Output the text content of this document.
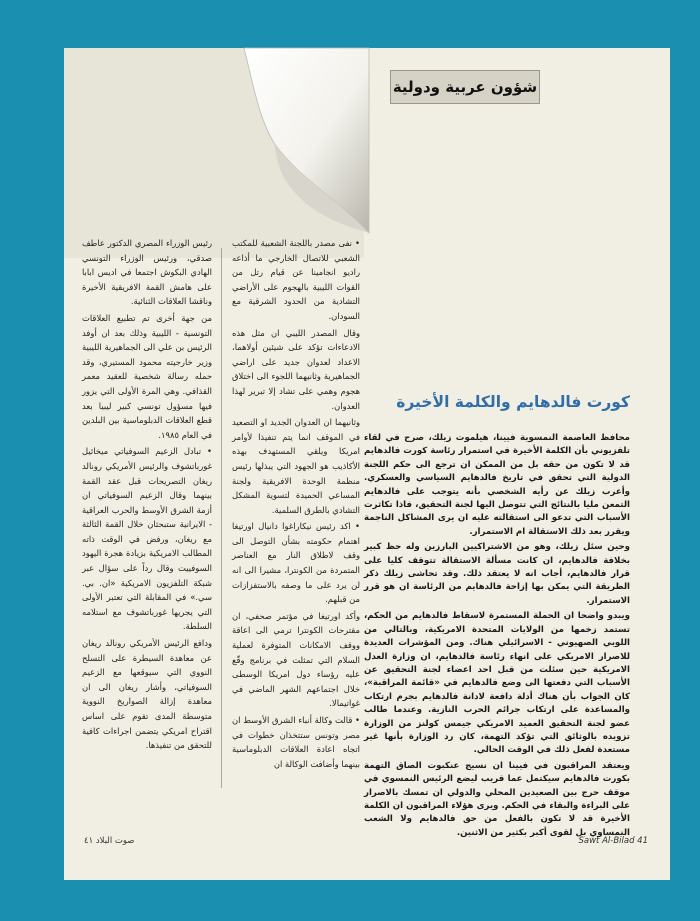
شؤون عربية ودولية

رئيس الوزراء المصري الدكتور عاطف صدقي، ورئيس الوزراء التونسي الهادي البكوش اجتمعا في اديس ابابا على هامش القمة الافريقية الأخيرة وناقشا العلاقات الثنائية.

من جهة أخرى تم تطبيع العلاقات التونسية - الليبية وذلك بعد ان أوفد الرئيس بن علي الى الجماهيرية الليبية وزير خارجيته محمود المستيري، وقد حمله رسالة شخصية للعقيد معمر القذافي. وهي المرة الأولى التي يزور فيها مسؤول تونسي كبير ليبيا بعد قطع العلاقات الدبلوماسية بين البلدين في العام ١٩٨٥.

• تبادل الزعيم السوفياتي ميخائيل غورباتشوف والرئيس الأمريكي رونالد ريغان التصريحات قبل عقد القمة بينهما وقال الزعيم السوفياتي ان أزمة الشرق الأوسط والحرب العراقية - الايرانية ستبحثان خلال القمة الثالثة مع ريغان، ورفض في الوقت ذاته المطالب الامريكية بزيادة هجرة اليهود السوفييت وقال رداً على سؤال عبر شبكة التلفزيون الامريكية «ان. بي. سي.» في المقابلة التي تعتبر الأولى التي يجريها غورباتشوف مع استلامه السلطة.

ودافع الرئيس الأمريكي رونالد ريغان عن معاهدة السيطرة على التسلح النووي التي سيوقعها مع الزعيم السوفياتي، وأشار ريغان الى ان معاهدة إزالة الصواريخ النووية متوسطة المدى تقوم على اساس اقتراح امريكي يتضمن اجراءات كافية للتحقق من تنفيذها.

• نفى مصدر باللجنة الشعبية للمكتب الشعبي للاتصال الخارجي ما أذاعه راديو انجامينا عن قيام رتل من القوات الليبية بالهجوم على الأراضي التشادية من الحدود الشرقية مع السودان.

وقال المصدر الليبي ان مثل هذه الادعاءات تؤكد على شيئين أولاهما، الاعداد لعدوان جديد على اراضي الجماهيرية وثانيهما اللجوء الى اختلاق هجوم وهمي على تشاد إلا تبرير لهذا العدوان.

وثانيهما ان العدوان الجديد او التصعيد في الموقف انما يتم تنفيذا لأوامر امريكا ويلقي المستهدف بهذه الأكاذيب هو الجهود التي يبذلها رئيس منظمة الوحدة الافريقية ولجنة المساعي الحميدة لتسوية المشكل التشادي بالطرق السلمية.

• اكد رئيس نيكاراغوا دانيال اورتيغا اهتمام حكومته بشأن التوصل الى وقف لاطلاق النار مع العناصر المتمردة من الكونترا، مشيرا الى انه لن يرد على ما وصفه بالاستفزازات من قبلهم.

وأكد اورتيغا في مؤتمر صحفي، ان مقترحات الكونترا ترمي الى اعاقة ووقف الامكانات المتوفرة لعملية السلام التي تمثلت في برنامج وقّع عليه رؤساء دول امريكا الوسطى خلال اجتماعهم الشهر الماضي في غواتيمالا.

• قالت وكالة أنباء الشرق الأوسط ان مصر وتونس ستتخذان خطوات في اتجاه اعادة العلاقات الدبلوماسية بينهما وأضافت الوكالة ان

كورت فالدهايم والكلمة الأخيرة

محافظ العاصمة النمسوية فيينا، هيلموت زيلك، صرح في لقاء تلفزيوني بأن الكلمة الأخيرة في استمرار رئاسة كورت فالدهايم قد لا تكون من حقه بل من الممكن ان ترجع الى حكم اللجنة الدولية التي تحقق في تاريخ فالدهايم السياسي والعسكري. وأعرب زيلك عن رأيه الشخصي بأنه يتوجب على فالدهايم التمعن مليا بالنتائج التي تتوصل اليها لجنة التحقيق، فاذا تكاثرت الأسباب التي تدعو الى استقالته عليه ان يرى المشاكل الناجمة ويقرر بعد ذلك الاستقالة ام الاستمرار.

وحين سئل زيلك، وهو من الاشتراكيين البارزين وله حظ كبير بخلافة فالدهايم، ان كانت مسألة الاستقالة تتوقف كليا على قرار فالدهايم، أجاب انه لا يعتقد ذلك. وقد تحاشى زيلك ذكر الطريقة التي يمكن بها إزاحة فالدهايم من الرئاسة ان هو قرر الاستمرار.

ويبدو واضحا ان الحملة المستمرة لاسقاط فالدهايم من الحكم، تستمد زخمها من الولايات المتحدة الامريكية، وبالتالي من اللوبي الصهيوني - الاسرائيلي هناك. ومن المؤشرات العديدة للاصرار الامريكي على انهاء رئاسة فالدهايم، ان وزارة العدل الامريكية حين سئلت من قبل احد اعضاء لجنة التحقيق عن الأسباب التي دفعتها الى وضع فالدهايم في «قائمة المراقبة»، كان الجواب بأن هناك أدلة دافعة لادانة فالدهايم بجرم ارتكاب والمساعدة على ارتكاب جرائم الحرب النازية. وعندما طالب عضو لجنة التحقيق العميد الامريكي جيمس كولنز من الوزارة تزويده بالوثائق التي تؤكد التهمة، كان رد الوزارة بأنها غير مستعدة لفعل ذلك في الوقت الحالي.

ويعتقد المراقبون في فيينا ان نسيج عنكبوت الصاق التهمة بكورت فالدهايم سيكتمل عما قريب ليضع الرئيس النمسوي في موقف حرج بين الصعيدين المحلي والدولي ان تمسك بالاصرار على البراءة والبقاء في الحكم. ويرى هؤلاء المراقبون ان الكلمة الأخيرة قد لا تكون بالفعل من حق فالدهايم ولا الشعب النمساوي بل لقوى أكبر بكثير من الاثنين.

صوت البلاد ٤١	Sawt Al-Bilad 41
